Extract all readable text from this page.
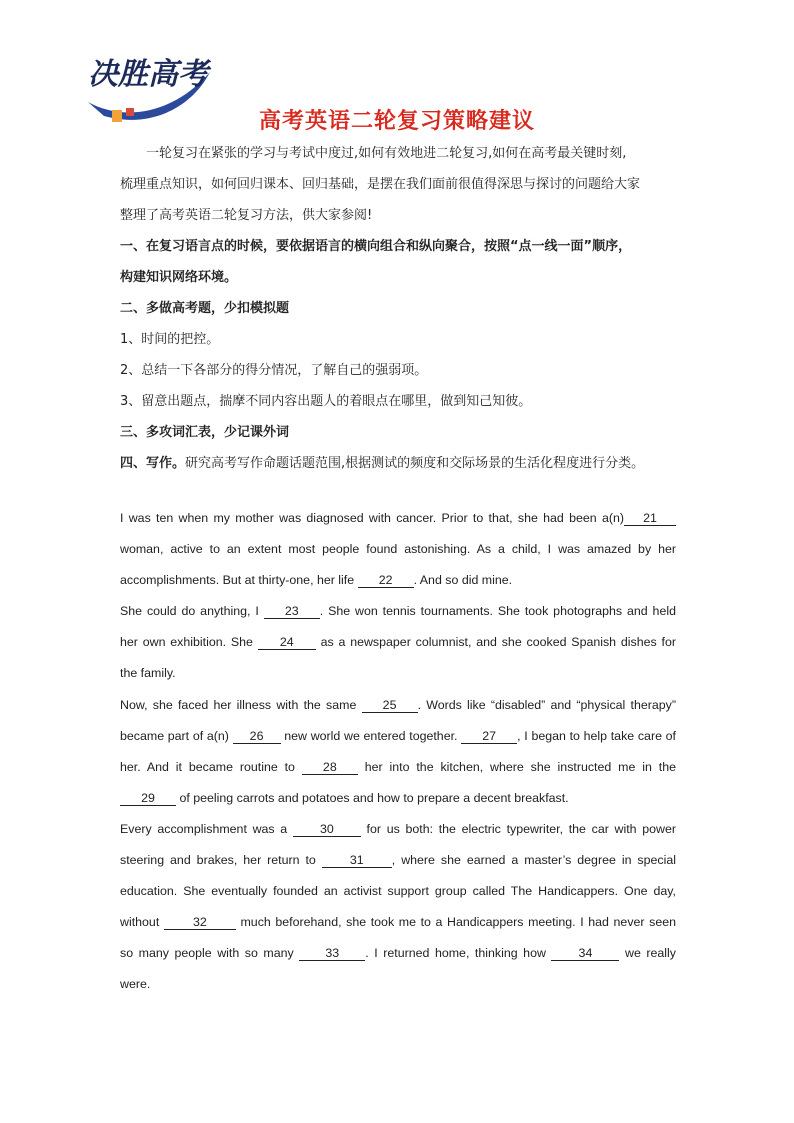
决胜高考
高考英语二轮复习策略建议

一轮复习在紧张的学习与考试中度过,如何有效地进二轮复习,如何在高考最关键时刻,

梳理重点知识，如何回归课本、回归基础，是摆在我们面前很值得深思与探讨的问题给大家

整理了高考英语二轮复习方法，供大家参阅!

一、在复习语言点的时候，要依据语言的横向组合和纵向聚合，按照“点一线一面”顺序，

构建知识网络环境。

二、多做高考题，少扣模拟题

1、时间的把控。

2、总结一下各部分的得分情况，了解自己的强弱项。

3、留意出题点，揣摩不同内容出题人的着眼点在哪里，做到知己知彼。

三、多攻词汇表，少记课外词

四、写作。研究高考写作命题话题范围,根据测试的频度和交际场景的生活化程度进行分类。

I was ten when my mother was diagnosed with cancer. Prior to that, she had been a(n) 21 woman, active to an extent most people found astonishing. As a child, I was amazed by her accomplishments. But at thirty-one, her life 22 . And so did mine.

She could do anything, I 23 . She won tennis tournaments. She took photographs and held her own exhibition. She 24 as a newspaper columnist, and she cooked Spanish dishes for the family.

Now, she faced her illness with the same 25 . Words like “disabled” and “physical therapy” became part of a(n) 26 new world we entered together. 27 , I began to help take care of her. And it became routine to 28 her into the kitchen, where she instructed me in the 29 of peeling carrots and potatoes and how to prepare a decent breakfast.

Every accomplishment was a 30 for us both: the electric typewriter, the car with power steering and brakes, her return to 31 , where she earned a master’s degree in special education. She eventually founded an activist support group called The Handicappers. One day, without 32 much beforehand, she took me to a Handicappers meeting. I had never seen so many people with so many 33 . I returned home, thinking how 34 we really were.
